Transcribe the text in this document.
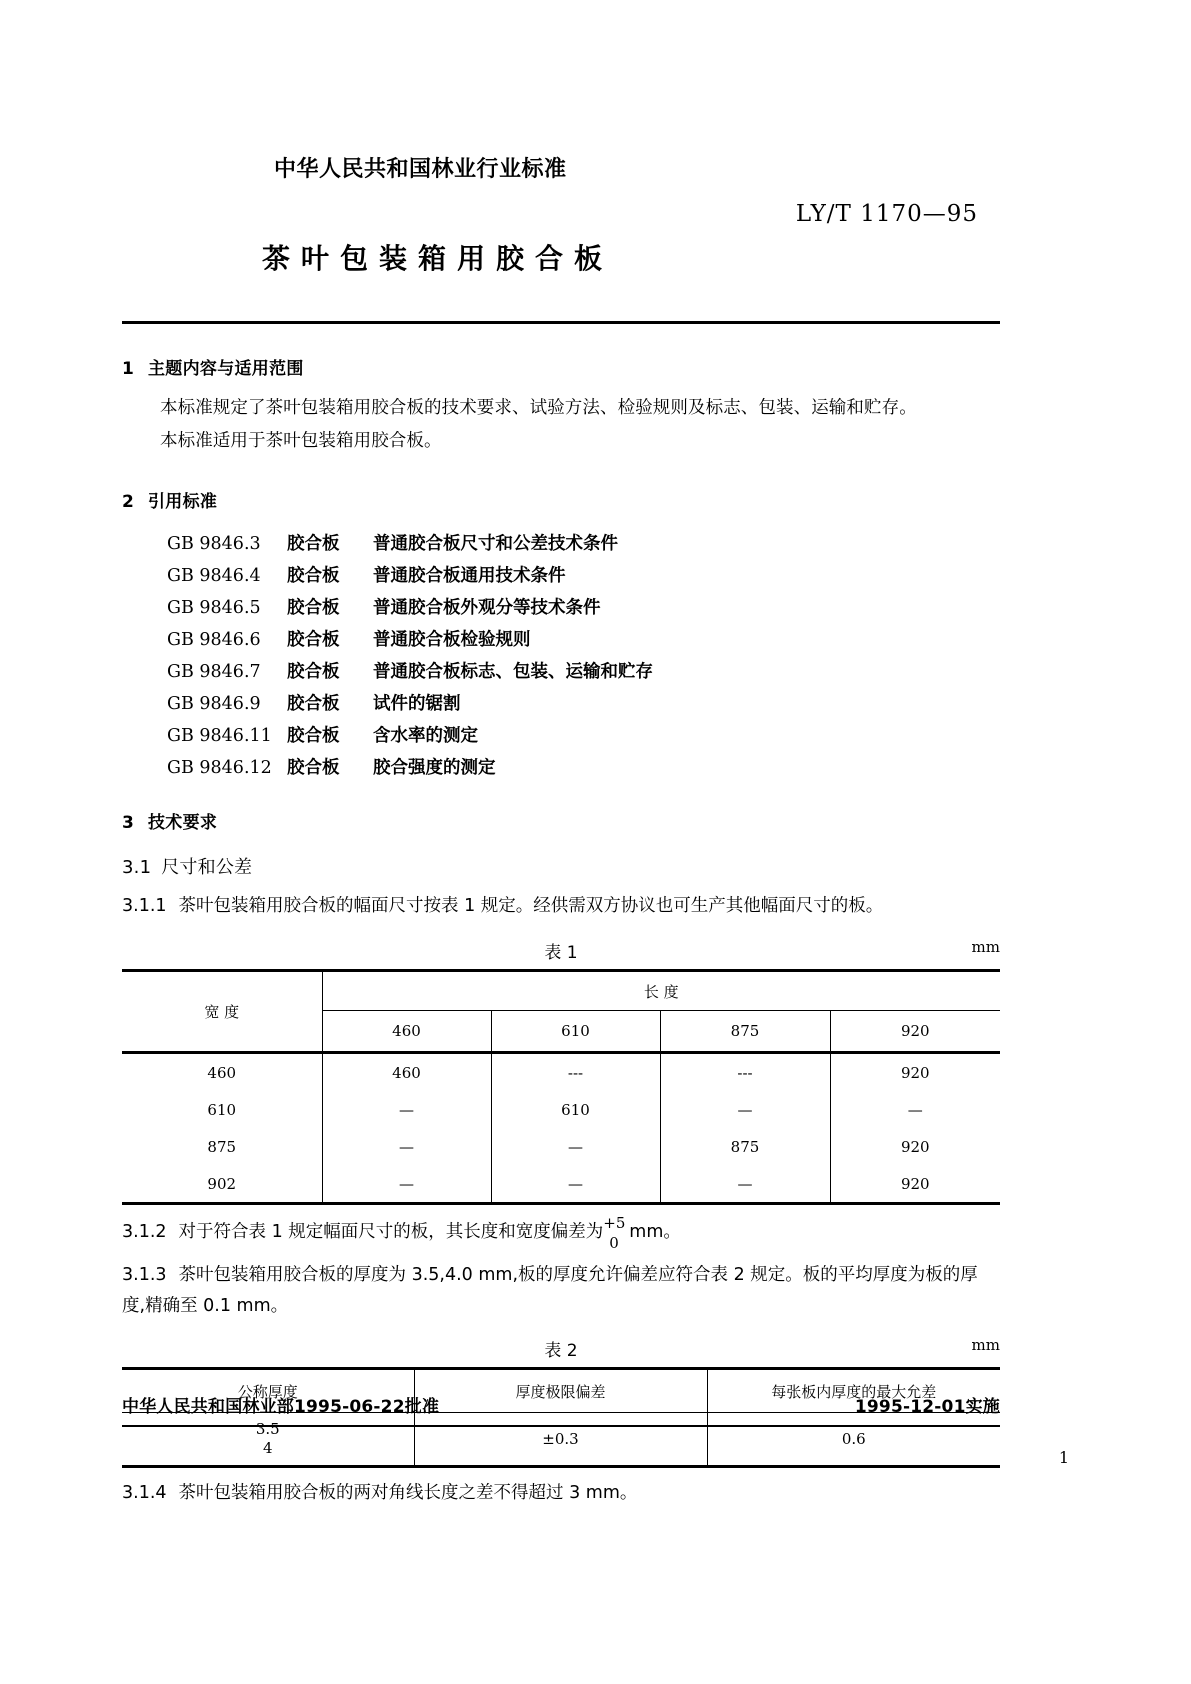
中华人民共和国林业行业标准
LY/T 1170—95
茶叶包装箱用胶合板
1 主题内容与适用范围
本标准规定了茶叶包装箱用胶合板的技术要求、试验方法、检验规则及标志、包装、运输和贮存。
本标准适用于茶叶包装箱用胶合板。
2 引用标准
GB 9846.3 胶合板 普通胶合板尺寸和公差技术条件
GB 9846.4 胶合板 普通胶合板通用技术条件
GB 9846.5 胶合板 普通胶合板外观分等技术条件
GB 9846.6 胶合板 普通胶合板检验规则
GB 9846.7 胶合板 普通胶合板标志、包装、运输和贮存
GB 9846.9 胶合板 试件的锯割
GB 9846.11 胶合板 含水率的测定
GB 9846.12 胶合板 胶合强度的测定
3 技术要求
3.1 尺寸和公差
3.1.1 茶叶包装箱用胶合板的幅面尺寸按表 1 规定。经供需双方协议也可生产其他幅面尺寸的板。
表 1	mm
宽 度	长 度			
	460	610	875	920
460	460	---	---	920
610	—	610	—	—
875	—	—	875	920
902	—	—	—	920
3.1.2 对于符合表 1 规定幅面尺寸的板，其长度和宽度偏差为 +5
0
mm。
3.1.3 茶叶包装箱用胶合板的厚度为 3.5,4.0 mm,板的厚度允许偏差应符合表 2 规定。板的平均厚度为板的厚度,精确至 0.1 mm。
表 2	mm
公称厚度	厚度极限偏差	每张板内厚度的最大允差

3.5
4	±0.3	0.6
3.1.4 茶叶包装箱用胶合板的两对角线长度之差不得超过 3 mm。
中华人民共和国林业部1995-06-22批准	1995-12-01实施
1
